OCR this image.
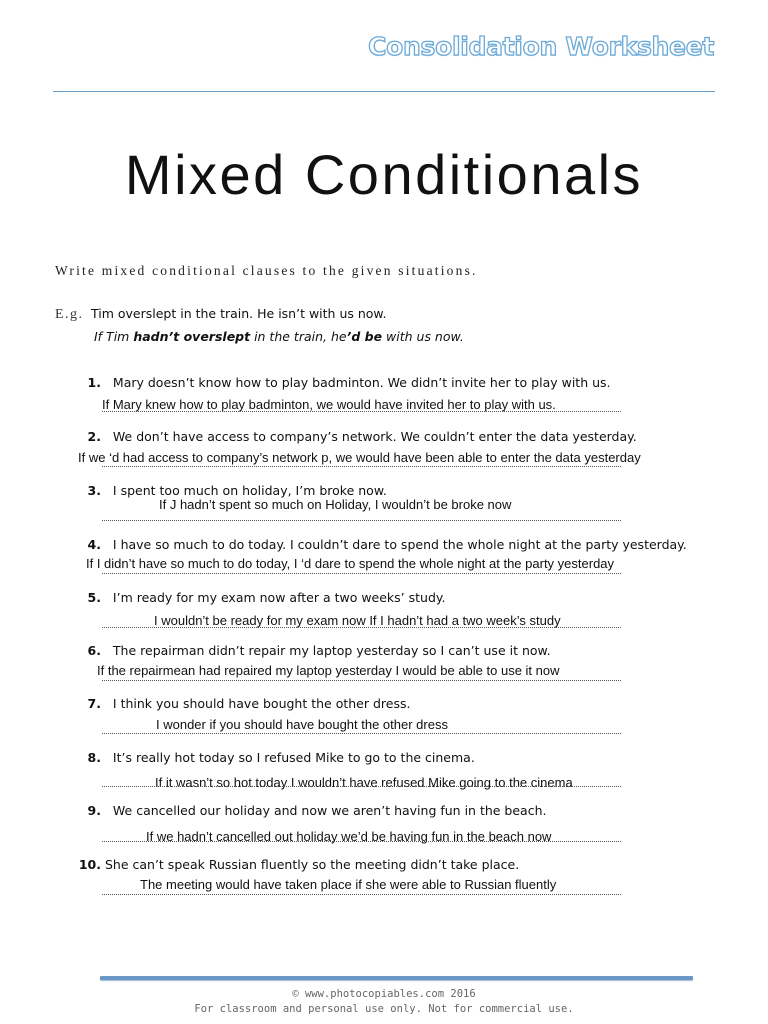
Consolidation Worksheet
Mixed Conditionals
Write mixed conditional clauses to the given situations.
E.g. Tim overslept in the train. He isn’t with us now.
If Tim hadn’t overslept in the train, he’d be with us now.
1. Mary doesn’t know how to play badminton. We didn’t invite her to play with us.
If Mary knew how to play badminton, we would have invited her to play with us.
2. We don’t have access to company’s network. We couldn’t enter the data yesterday.
If we ‘d had access to company’s network p, we would have been able to enter the data yesterday
3. I spent too much on holiday, I’m broke now.
If J hadn’t spent so much on Holiday, I wouldn’t be broke now
4. I have so much to do today. I couldn’t dare to spend the whole night at the party yesterday.
If I didn’t have so much to do today, I ‘d dare to spend the whole night at the party yesterday
5. I’m ready for my exam now after a two weeks’ study.
I wouldn’t be ready for my exam now If I hadn’t had a two week’s study
6. The repairman didn’t repair my laptop yesterday so I can’t use it now.
If the repairmean had repaired my laptop yesterday I would be able to use it now
7. I think you should have bought the other dress.
I wonder if you should have bought the other dress
8. It’s really hot today so I refused Mike to go to the cinema.
If it wasn’t so hot today I wouldn’t have refused Mike going to the cinema
9. We cancelled our holiday and now we aren’t having fun in the beach.
If we hadn’t cancelled out holiday we’d be having fun in the beach now
10. She can’t speak Russian fluently so the meeting didn’t take place.
The meeting would have taken place if she were able to Russian fluently
© www.photocopiables.com 2016
For classroom and personal use only. Not for commercial use.
